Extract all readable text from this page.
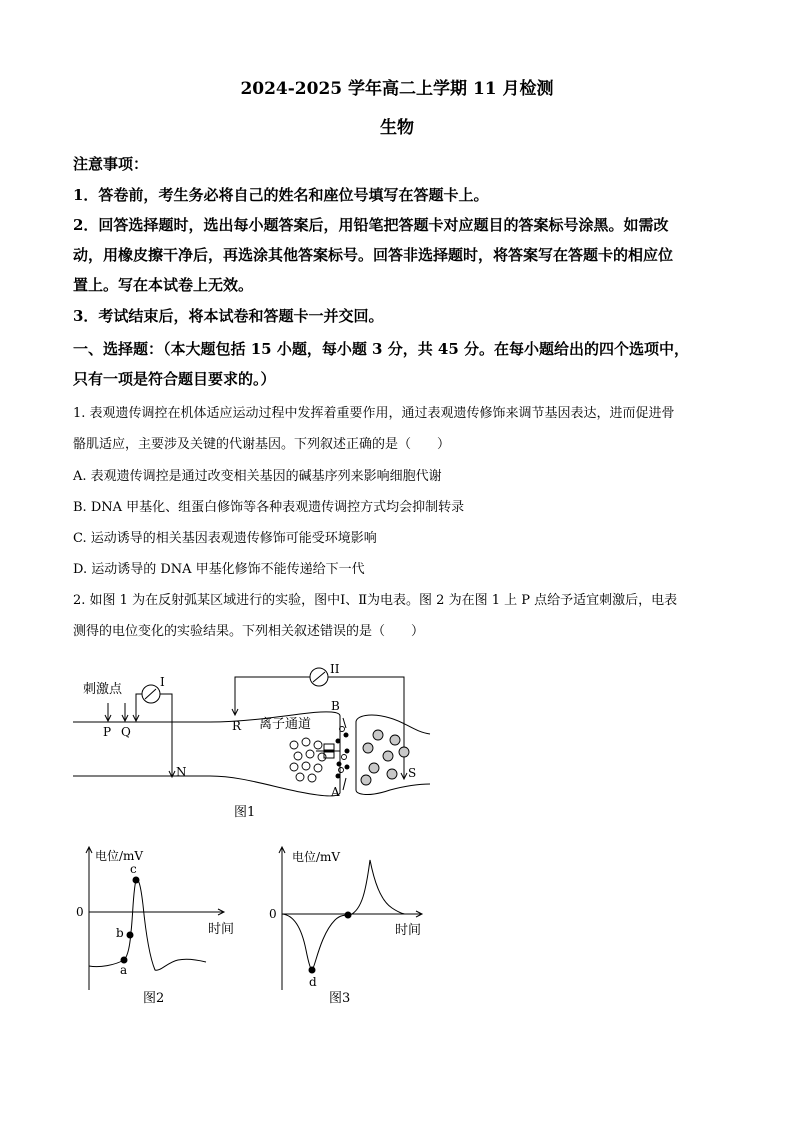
2024-2025 学年高二上学期 11 月检测
生物
注意事项：
1．答卷前，考生务必将自己的姓名和座位号填写在答题卡上。
2．回答选择题时，选出每小题答案后，用铅笔把答题卡对应题目的答案标号涂黑。如需改
动，用橡皮擦干净后，再选涂其他答案标号。回答非选择题时，将答案写在答题卡的相应位
置上。写在本试卷上无效。
3．考试结束后，将本试卷和答题卡一并交回。
一、选择题：（本大题包括 15 小题，每小题 3 分，共 45 分。在每小题给出的四个选项中，
只有一项是符合题目要求的。）
1. 表观遗传调控在机体适应运动过程中发挥着重要作用，通过表观遗传修饰来调节基因表达，进而促进骨
骼肌适应，主要涉及关键的代谢基因。下列叙述正确的是（　　）
A. 表观遗传调控是通过改变相关基因的碱基序列来影响细胞代谢
B. DNA 甲基化、组蛋白修饰等各种表观遗传调控方式均会抑制转录
C. 运动诱导的相关基因表观遗传修饰可能受环境影响
D. 运动诱导的 DNA 甲基化修饰不能传递给下一代
2. 如图 1 为在反射弧某区域进行的实验，图中Ⅰ、Ⅱ为电表。图 2 为在图 1 上 P 点给予适宜刺激后，电表
测得的电位变化的实验结果。下列相关叙述错误的是（　　）
刺激点	I
II
P Q	R
N	S
B
A
离子通道
图1
电位/mV
0
时间
a
b
c
图2
电位/mV
0
时间
d
图3
